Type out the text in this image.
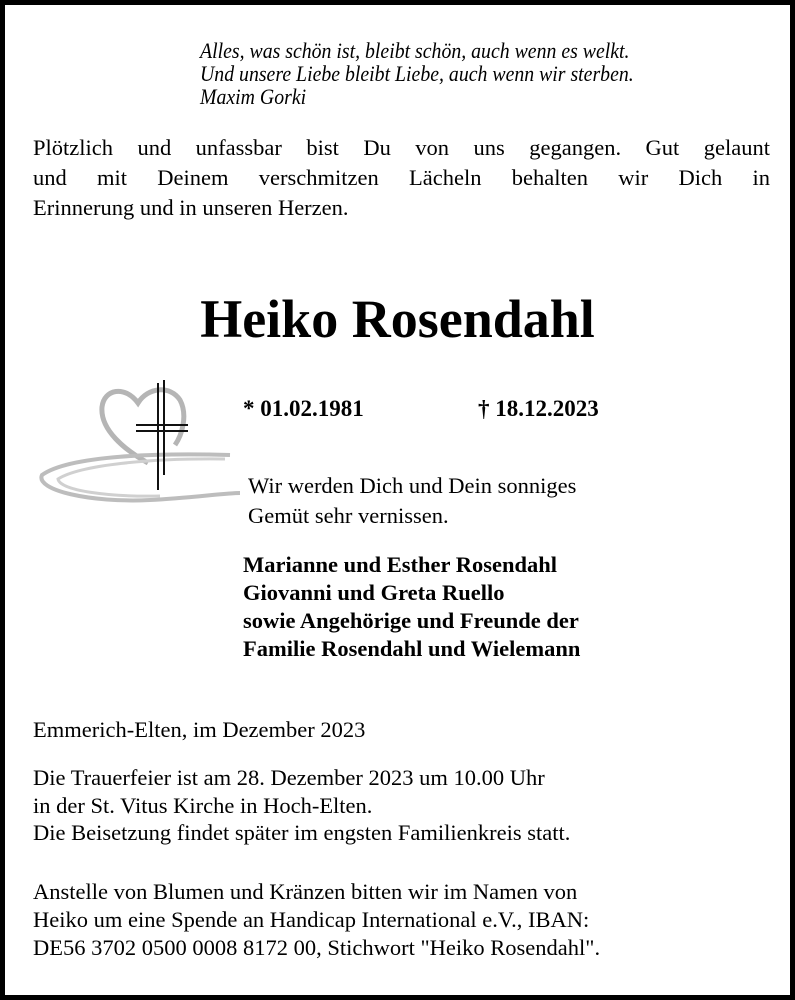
Alles, was schön ist, bleibt schön, auch wenn es welkt.
Und unsere Liebe bleibt Liebe, auch wenn wir sterben.
Maxim Gorki
Plötzlich und unfassbar bist Du von uns gegangen. Gut gelaunt
und mit Deinem verschmitzen Lächeln behalten wir Dich in
Erinnerung und in unseren Herzen.
Heiko Rosendahl
* 01.02.1981	† 18.12.2023
Wir werden Dich und Dein sonniges
Gemüt sehr vernissen.
Marianne und Esther Rosendahl
Giovanni und Greta Ruello
sowie Angehörige und Freunde der
Familie Rosendahl und Wielemann
Emmerich-Elten, im Dezember 2023
Die Trauerfeier ist am 28. Dezember 2023 um 10.00 Uhr
in der St. Vitus Kirche in Hoch-Elten.
Die Beisetzung findet später im engsten Familienkreis statt.
Anstelle von Blumen und Kränzen bitten wir im Namen von
Heiko um eine Spende an Handicap International e.V., IBAN:
DE56 3702 0500 0008 8172 00, Stichwort "Heiko Rosendahl".
